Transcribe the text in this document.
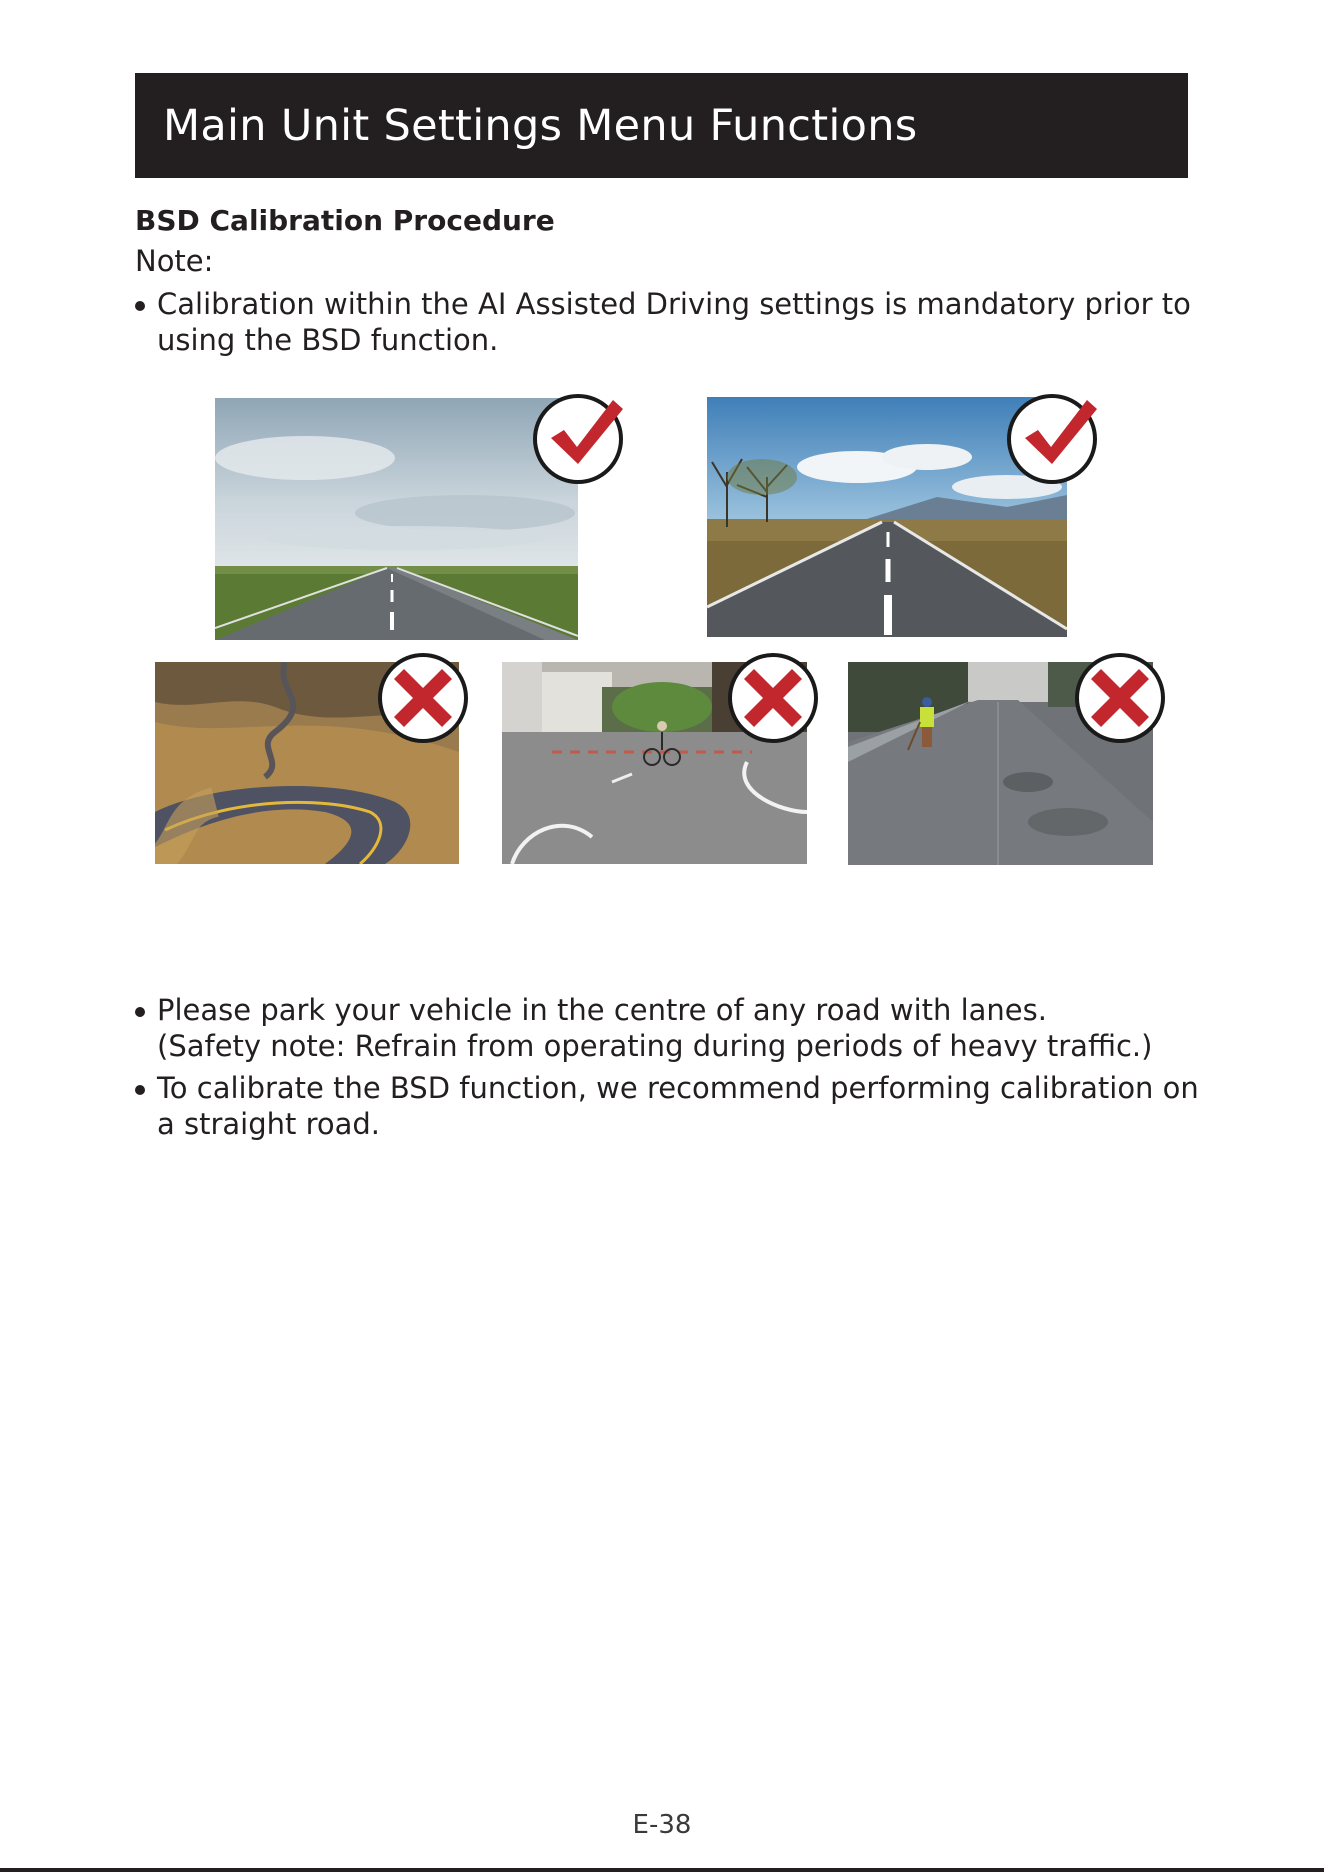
Main Unit Settings Menu Functions
BSD Calibration Procedure
Note:
Calibration within the AI Assisted Driving settings is mandatory prior to
using the BSD function.
Please park your vehicle in the centre of any road with lanes.
(Safety note: Refrain from operating during periods of heavy traffic.)
To calibrate the BSD function, we recommend performing calibration on
a straight road.
E-38
